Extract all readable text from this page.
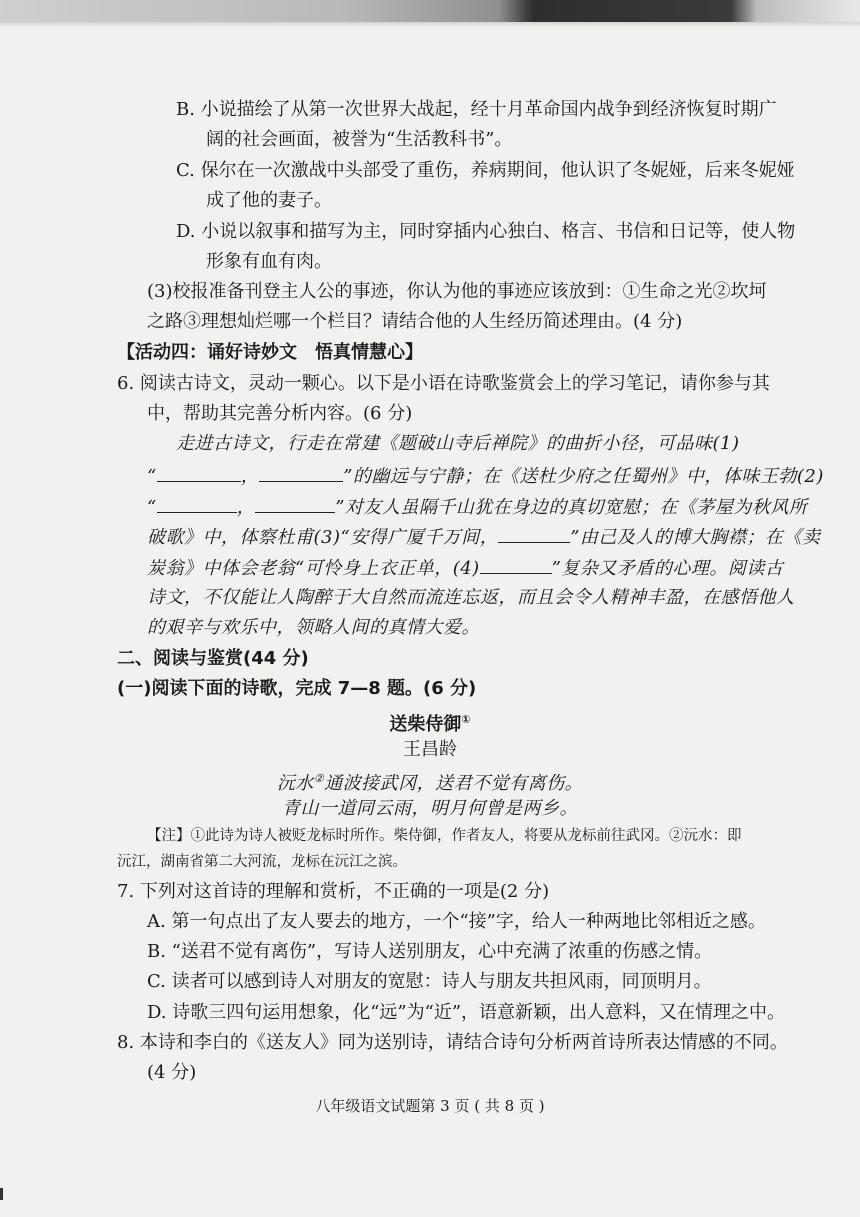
B. 小说描绘了从第一次世界大战起，经十月革命国内战争到经济恢复时期广
阔的社会画面，被誉为“生活教科书”。
C. 保尔在一次激战中头部受了重伤，养病期间，他认识了冬妮娅，后来冬妮娅
成了他的妻子。
D. 小说以叙事和描写为主，同时穿插内心独白、格言、书信和日记等，使人物
形象有血有肉。
(3)校报准备刊登主人公的事迹，你认为他的事迹应该放到：①生命之光②坎坷
之路③理想灿烂哪一个栏目？请结合他的人生经历简述理由。(4 分)
【活动四：诵好诗妙文　悟真情慧心】
6. 阅读古诗文，灵动一颗心。以下是小语在诗歌鉴赏会上的学习笔记，请你参与其
中，帮助其完善分析内容。(6 分)
走进古诗文，行走在常建《题破山寺后禅院》的曲折小径，可品味(1)
“	，	”的幽远与宁静；在《送杜少府之任蜀州》中，体味王勃(2)
“	，	”对友人虽隔千山犹在身边的真切宽慰；在《茅屋为秋风所
破歌》中，体察杜甫(3)“安得广厦千万间，	”由己及人的博大胸襟；在《卖
炭翁》中体会老翁“可怜身上衣正单，(4)	”复杂又矛盾的心理。阅读古
诗文，不仅能让人陶醉于大自然而流连忘返，而且会令人精神丰盈，在感悟他人
的艰辛与欢乐中，领略人间的真情大爱。
二、阅读与鉴赏(44 分)
(一)阅读下面的诗歌，完成 7—8 题。(6 分)
送柴侍御①
王昌龄
沅水②通波接武冈，送君不觉有离伤。
青山一道同云雨，明月何曾是两乡。
【注】①此诗为诗人被贬龙标时所作。柴侍御，作者友人，将要从龙标前往武冈。②沅水：即
沅江，湖南省第二大河流，龙标在沅江之滨。
7. 下列对这首诗的理解和赏析，不正确的一项是(2 分)
A. 第一句点出了友人要去的地方，一个“接”字，给人一种两地比邻相近之感。
B. “送君不觉有离伤”，写诗人送别朋友，心中充满了浓重的伤感之情。
C. 读者可以感到诗人对朋友的宽慰：诗人与朋友共担风雨，同顶明月。
D. 诗歌三四句运用想象，化“远”为“近”，语意新颖，出人意料，又在情理之中。
8. 本诗和李白的《送友人》同为送别诗，请结合诗句分析两首诗所表达情感的不同。
(4 分)
八年级语文试题第 3 页 ( 共 8 页 )
